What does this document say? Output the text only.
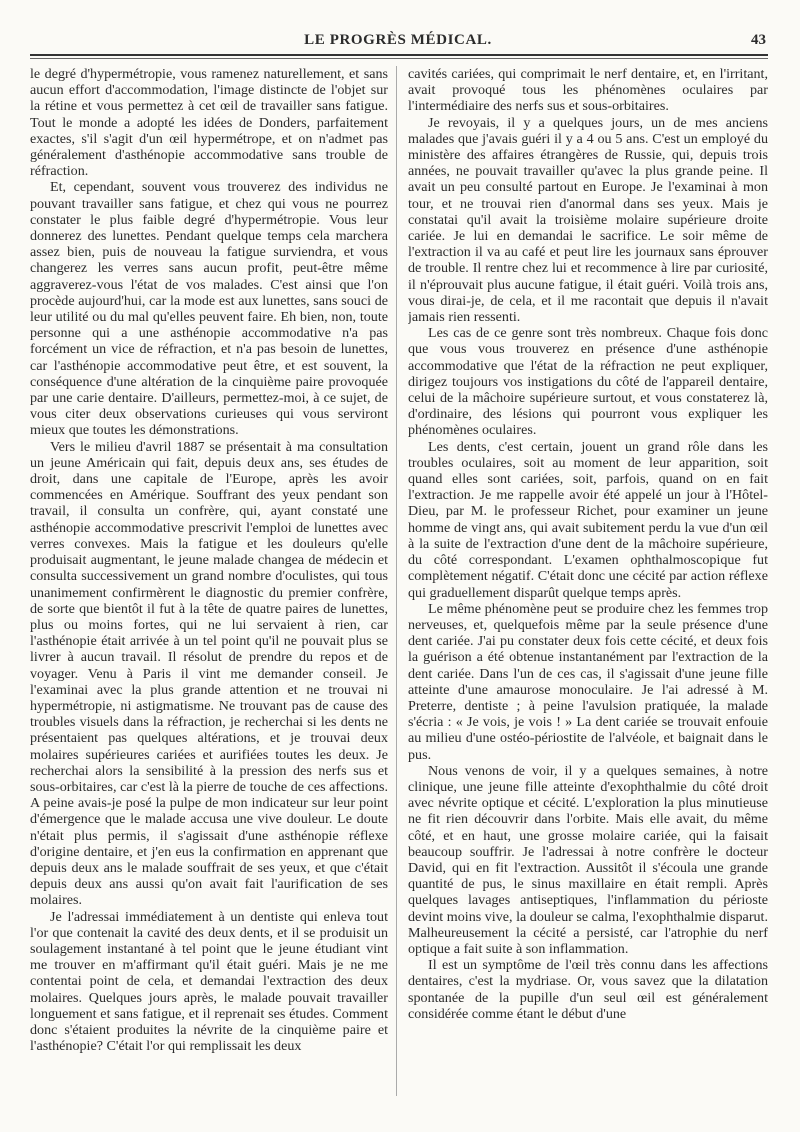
LE PROGRÈS MÉDICAL.	43

le degré d'hypermétropie, vous ramenez naturellement, et sans aucun effort d'accommodation, l'image distincte de l'objet sur la rétine et vous permettez à cet œil de travailler sans fatigue. Tout le monde a adopté les idées de Donders, parfaitement exactes, s'il s'agit d'un œil hypermétrope, et on n'admet pas généralement d'asthénopie accommodative sans trouble de réfraction.

Et, cependant, souvent vous trouverez des individus ne pouvant travailler sans fatigue, et chez qui vous ne pourrez constater le plus faible degré d'hypermétropie. Vous leur donnerez des lunettes. Pendant quelque temps cela marchera assez bien, puis de nouveau la fatigue surviendra, et vous changerez les verres sans aucun profit, peut-être même aggraverez-vous l'état de vos malades. C'est ainsi que l'on procède aujourd'hui, car la mode est aux lunettes, sans souci de leur utilité ou du mal qu'elles peuvent faire. Eh bien, non, toute personne qui a une asthénopie accommodative n'a pas forcément un vice de réfraction, et n'a pas besoin de lunettes, car l'asthénopie accommodative peut être, et est souvent, la conséquence d'une altération de la cinquième paire provoquée par une carie dentaire. D'ailleurs, permettez-moi, à ce sujet, de vous citer deux observations curieuses qui vous serviront mieux que toutes les démonstrations.

Vers le milieu d'avril 1887 se présentait à ma consultation un jeune Américain qui fait, depuis deux ans, ses études de droit, dans une capitale de l'Europe, après les avoir commencées en Amérique. Souffrant des yeux pendant son travail, il consulta un confrère, qui, ayant constaté une asthénopie accommodative prescrivit l'emploi de lunettes avec verres convexes. Mais la fatigue et les douleurs qu'elle produisait augmentant, le jeune malade changea de médecin et consulta successivement un grand nombre d'oculistes, qui tous unanimement confirmèrent le diagnostic du premier confrère, de sorte que bientôt il fut à la tête de quatre paires de lunettes, plus ou moins fortes, qui ne lui servaient à rien, car l'asthénopie était arrivée à un tel point qu'il ne pouvait plus se livrer à aucun travail. Il résolut de prendre du repos et de voyager. Venu à Paris il vint me demander conseil. Je l'examinai avec la plus grande attention et ne trouvai ni hypermétropie, ni astigmatisme. Ne trouvant pas de cause des troubles visuels dans la réfraction, je recherchai si les dents ne présentaient pas quelques altérations, et je trouvai deux molaires supérieures cariées et aurifiées toutes les deux. Je recherchai alors la sensibilité à la pression des nerfs sus et sous-orbitaires, car c'est là la pierre de touche de ces affections. A peine avais-je posé la pulpe de mon indicateur sur leur point d'émergence que le malade accusa une vive douleur. Le doute n'était plus permis, il s'agissait d'une asthénopie réflexe d'origine dentaire, et j'en eus la confirmation en apprenant que depuis deux ans le malade souffrait de ses yeux, et que c'était depuis deux ans aussi qu'on avait fait l'aurification de ses molaires.

Je l'adressai immédiatement à un dentiste qui enleva tout l'or que contenait la cavité des deux dents, et il se produisit un soulagement instantané à tel point que le jeune étudiant vint me trouver en m'affirmant qu'il était guéri. Mais je ne me contentai point de cela, et demandai l'extraction des deux molaires. Quelques jours après, le malade pouvait travailler longuement et sans fatigue, et il reprenait ses études. Comment donc s'étaient produites la névrite de la cinquième paire et l'asthénopie? C'était l'or qui remplissait les deux

cavités cariées, qui comprimait le nerf dentaire, et, en l'irritant, avait provoqué tous les phénomènes oculaires par l'intermédiaire des nerfs sus et sous-orbitaires.

Je revoyais, il y a quelques jours, un de mes anciens malades que j'avais guéri il y a 4 ou 5 ans. C'est un employé du ministère des affaires étrangères de Russie, qui, depuis trois années, ne pouvait travailler qu'avec la plus grande peine. Il avait un peu consulté partout en Europe. Je l'examinai à mon tour, et ne trouvai rien d'anormal dans ses yeux. Mais je constatai qu'il avait la troisième molaire supérieure droite cariée. Je lui en demandai le sacrifice. Le soir même de l'extraction il va au café et peut lire les journaux sans éprouver de trouble. Il rentre chez lui et recommence à lire par curiosité, il n'éprouvait plus aucune fatigue, il était guéri. Voilà trois ans, vous dirai-je, de cela, et il me racontait que depuis il n'avait jamais rien ressenti.

Les cas de ce genre sont très nombreux. Chaque fois donc que vous vous trouverez en présence d'une asthénopie accommodative que l'état de la réfraction ne peut expliquer, dirigez toujours vos instigations du côté de l'appareil dentaire, celui de la mâchoire supérieure surtout, et vous constaterez là, d'ordinaire, des lésions qui pourront vous expliquer les phénomènes oculaires.

Les dents, c'est certain, jouent un grand rôle dans les troubles oculaires, soit au moment de leur apparition, soit quand elles sont cariées, soit, parfois, quand on en fait l'extraction. Je me rappelle avoir été appelé un jour à l'Hôtel-Dieu, par M. le professeur Richet, pour examiner un jeune homme de vingt ans, qui avait subitement perdu la vue d'un œil à la suite de l'extraction d'une dent de la mâchoire supérieure, du côté correspondant. L'examen ophthalmoscopique fut complètement négatif. C'était donc une cécité par action réflexe qui graduellement disparût quelque temps après.

Le même phénomène peut se produire chez les femmes trop nerveuses, et, quelquefois même par la seule présence d'une dent cariée. J'ai pu constater deux fois cette cécité, et deux fois la guérison a été obtenue instantanément par l'extraction de la dent cariée. Dans l'un de ces cas, il s'agissait d'une jeune fille atteinte d'une amaurose monoculaire. Je l'ai adressé à M. Preterre, dentiste ; à peine l'avulsion pratiquée, la malade s'écria : « Je vois, je vois ! » La dent cariée se trouvait enfouie au milieu d'une ostéo-périostite de l'alvéole, et baignait dans le pus.

Nous venons de voir, il y a quelques semaines, à notre clinique, une jeune fille atteinte d'exophthalmie du côté droit avec névrite optique et cécité. L'exploration la plus minutieuse ne fit rien découvrir dans l'orbite. Mais elle avait, du même côté, et en haut, une grosse molaire cariée, qui la faisait beaucoup souffrir. Je l'adressai à notre confrère le docteur David, qui en fit l'extraction. Aussitôt il s'écoula une grande quantité de pus, le sinus maxillaire en était rempli. Après quelques lavages antiseptiques, l'inflammation du périoste devint moins vive, la douleur se calma, l'exophthalmie disparut. Malheureusement la cécité a persisté, car l'atrophie du nerf optique a fait suite à son inflammation.

Il est un symptôme de l'œil très connu dans les affections dentaires, c'est la mydriase. Or, vous savez que la dilatation spontanée de la pupille d'un seul œil est généralement considérée comme étant le début d'une
